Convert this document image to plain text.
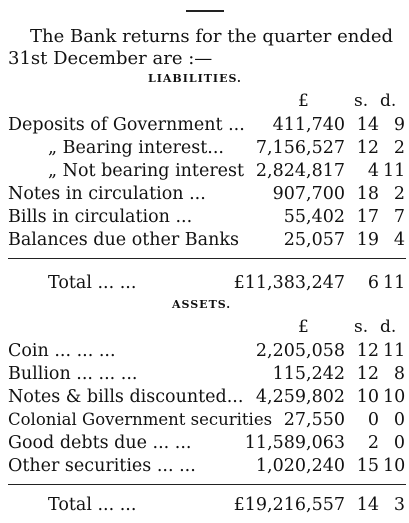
The Bank returns for the quarter ended
31st December are :—
LIABILITIES.
£	s. d.
Deposits of Government ... 411,740 14 9
„ Bearing interest... 7,156,527 12 2
„ Not bearing interest 2,824,817	4 11
Notes in circulation ...	907,700 18 2
Bills in circulation ...	55,402 17 7
Balances due other Banks	25,057 19 4
Total ... ...	£11,383,247	6 11
ASSETS.
£	s. d.
Coin ... ... ...	2,205,058 12 11
Bullion ... ... ...	115,242 12 8
Notes & bills discounted... 4,259,802 10 10
Colonial Government securities 27,550	0 0
Good debts due ... ...	11,589,063	2 0
Other securities ... ...	1,020,240 15 10
Total ... ...	£19,216,557 14 3
